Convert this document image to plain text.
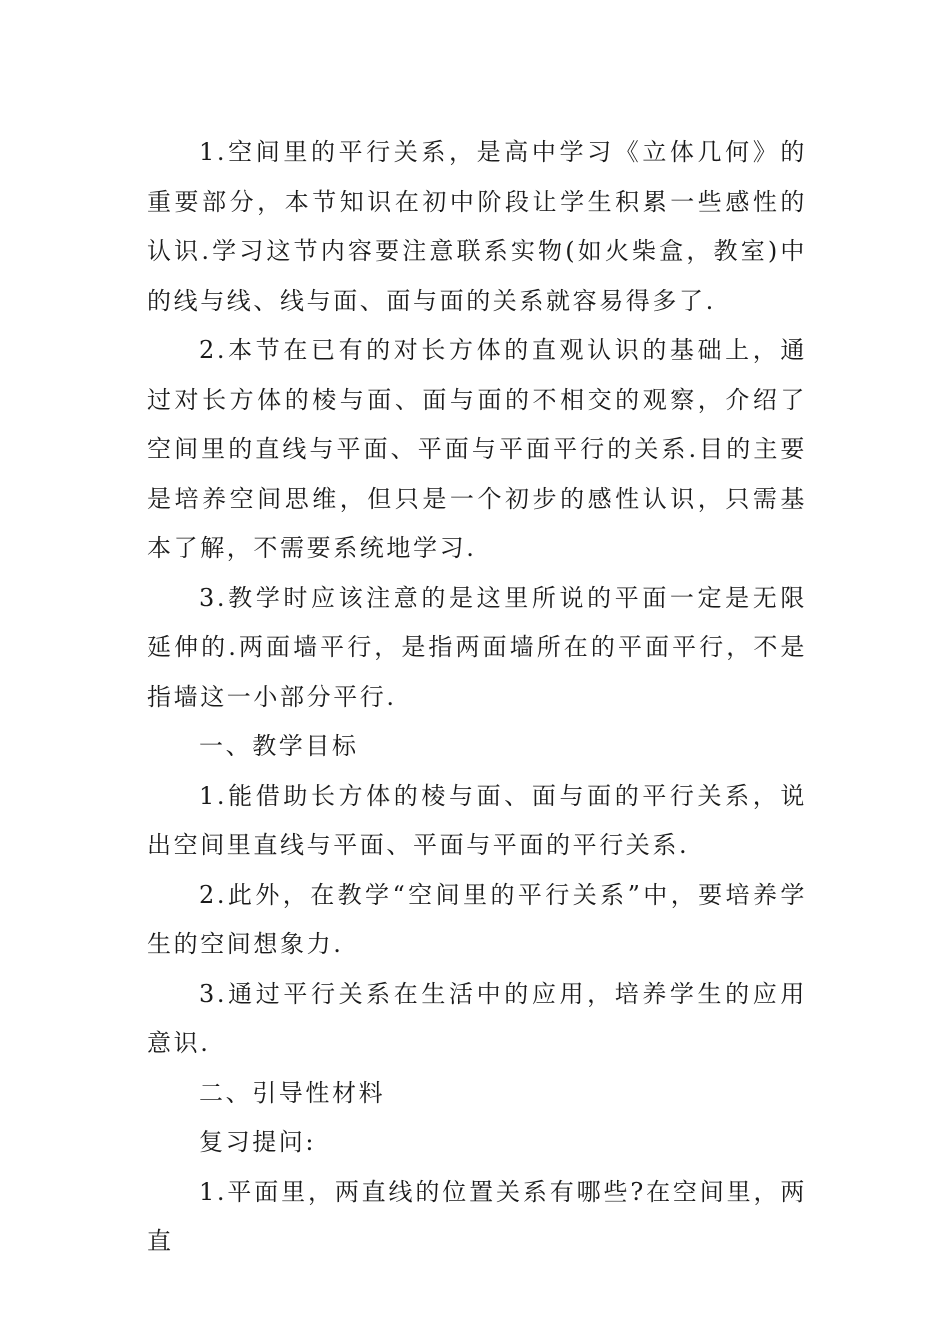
1.空间里的平行关系，是高中学习《立体几何》的重要部分，本节知识在初中阶段让学生积累一些感性的认识.学习这节内容要注意联系实物(如火柴盒，教室)中的线与线、线与面、面与面的关系就容易得多了.

2.本节在已有的对长方体的直观认识的基础上，通过对长方体的棱与面、面与面的不相交的观察，介绍了空间里的直线与平面、平面与平面平行的关系.目的主要是培养空间思维，但只是一个初步的感性认识，只需基本了解，不需要系统地学习.

3.教学时应该注意的是这里所说的平面一定是无限延伸的.两面墙平行，是指两面墙所在的平面平行，不是指墙这一小部分平行.

一、教学目标

1.能借助长方体的棱与面、面与面的平行关系，说出空间里直线与平面、平面与平面的平行关系.

2.此外，在教学“空间里的平行关系”中，要培养学生的空间想象力.

3.通过平行关系在生活中的应用，培养学生的应用意识.

二、引导性材料

复习提问:

1.平面里，两直线的位置关系有哪些?在空间里，两直
